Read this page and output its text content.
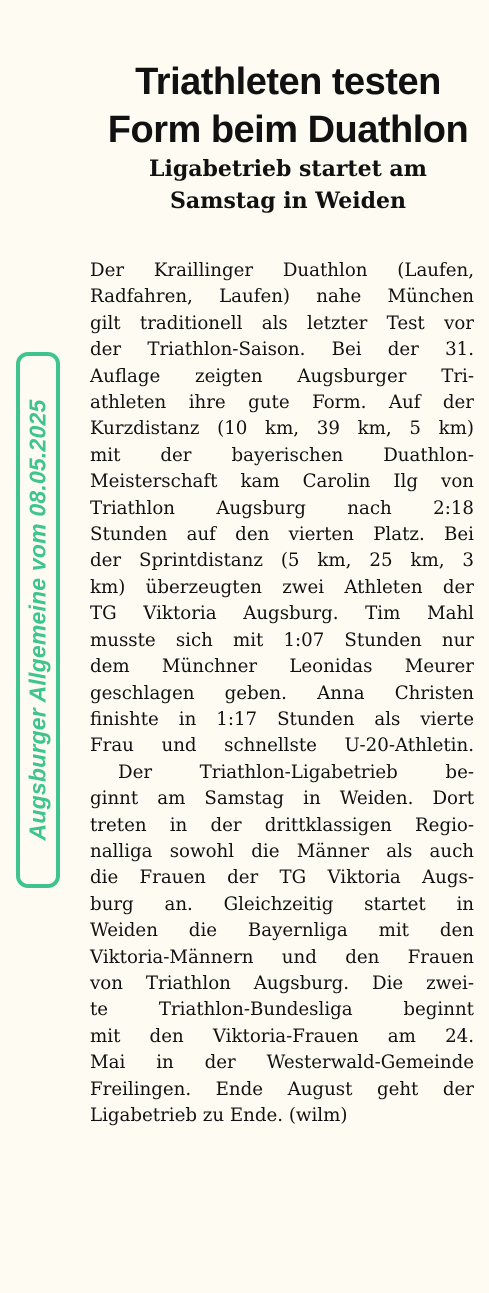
Augsburger Allgemeine vom 08.05.2025
Triathleten testen
Form beim Duathlon
Ligabetrieb startet am
Samstag in Weiden
Der Kraillinger Duathlon (Laufen,
Radfahren, Laufen) nahe München
gilt traditionell als letzter Test vor
der Triathlon-Saison. Bei der 31.
Auflage zeigten Augsburger Tri-
athleten ihre gute Form. Auf der
Kurzdistanz (10 km, 39 km, 5 km)
mit der bayerischen Duathlon-
Meisterschaft kam Carolin Ilg von
Triathlon Augsburg nach 2:18
Stunden auf den vierten Platz. Bei
der Sprintdistanz (5 km, 25 km, 3
km) überzeugten zwei Athleten der
TG Viktoria Augsburg. Tim Mahl
musste sich mit 1:07 Stunden nur
dem Münchner Leonidas Meurer
geschlagen geben. Anna Christen
finishte in 1:17 Stunden als vierte
Frau und schnellste U-20-Athletin.
Der Triathlon-Ligabetrieb be-
ginnt am Samstag in Weiden. Dort
treten in der drittklassigen Regio-
nalliga sowohl die Männer als auch
die Frauen der TG Viktoria Augs-
burg an. Gleichzeitig startet in
Weiden die Bayernliga mit den
Viktoria-Männern und den Frauen
von Triathlon Augsburg. Die zwei-
te Triathlon-Bundesliga beginnt
mit den Viktoria-Frauen am 24.
Mai in der Westerwald-Gemeinde
Freilingen. Ende August geht der
Ligabetrieb zu Ende. (wilm)
